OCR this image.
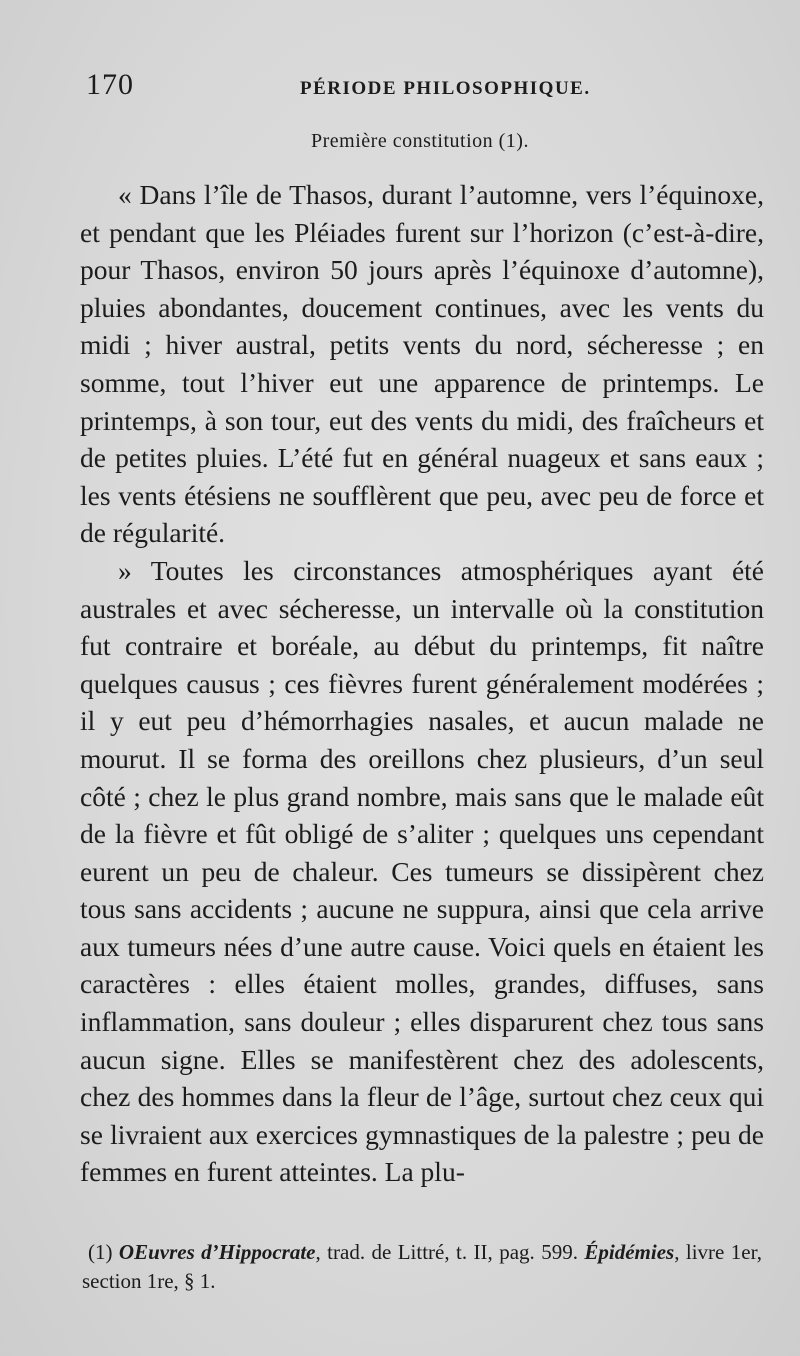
170	PÉRIODE PHILOSOPHIQUE.
Première constitution (1).

« Dans l’île de Thasos, durant l’automne, vers l’équinoxe, et pendant que les Pléiades furent sur l’horizon (c’est-à-dire, pour Thasos, environ 50 jours après l’équinoxe d’automne), pluies abondantes, doucement continues, avec les vents du midi ; hiver austral, petits vents du nord, sécheresse ; en somme, tout l’hiver eut une apparence de printemps. Le printemps, à son tour, eut des vents du midi, des fraîcheurs et de petites pluies. L’été fut en général nuageux et sans eaux ; les vents étésiens ne soufflèrent que peu, avec peu de force et de régularité.

» Toutes les circonstances atmosphériques ayant été australes et avec sécheresse, un intervalle où la constitution fut contraire et boréale, au début du printemps, fit naître quelques causus ; ces fièvres furent généralement modérées ; il y eut peu d’hémorrhagies nasales, et aucun malade ne mourut. Il se forma des oreillons chez plusieurs, d’un seul côté ; chez le plus grand nombre, mais sans que le malade eût de la fièvre et fût obligé de s’aliter ; quelques uns cependant eurent un peu de chaleur. Ces tumeurs se dissipèrent chez tous sans accidents ; aucune ne suppura, ainsi que cela arrive aux tumeurs nées d’une autre cause. Voici quels en étaient les caractères : elles étaient molles, grandes, diffuses, sans inflammation, sans douleur ; elles disparurent chez tous sans aucun signe. Elles se manifestèrent chez des adolescents, chez des hommes dans la fleur de l’âge, surtout chez ceux qui se livraient aux exercices gymnastiques de la palestre ; peu de femmes en furent atteintes. La plu-

(1) OEuvres d’Hippocrate, trad. de Littré, t. II, pag. 599. Épidémies, livre 1er, section 1re, § 1.
